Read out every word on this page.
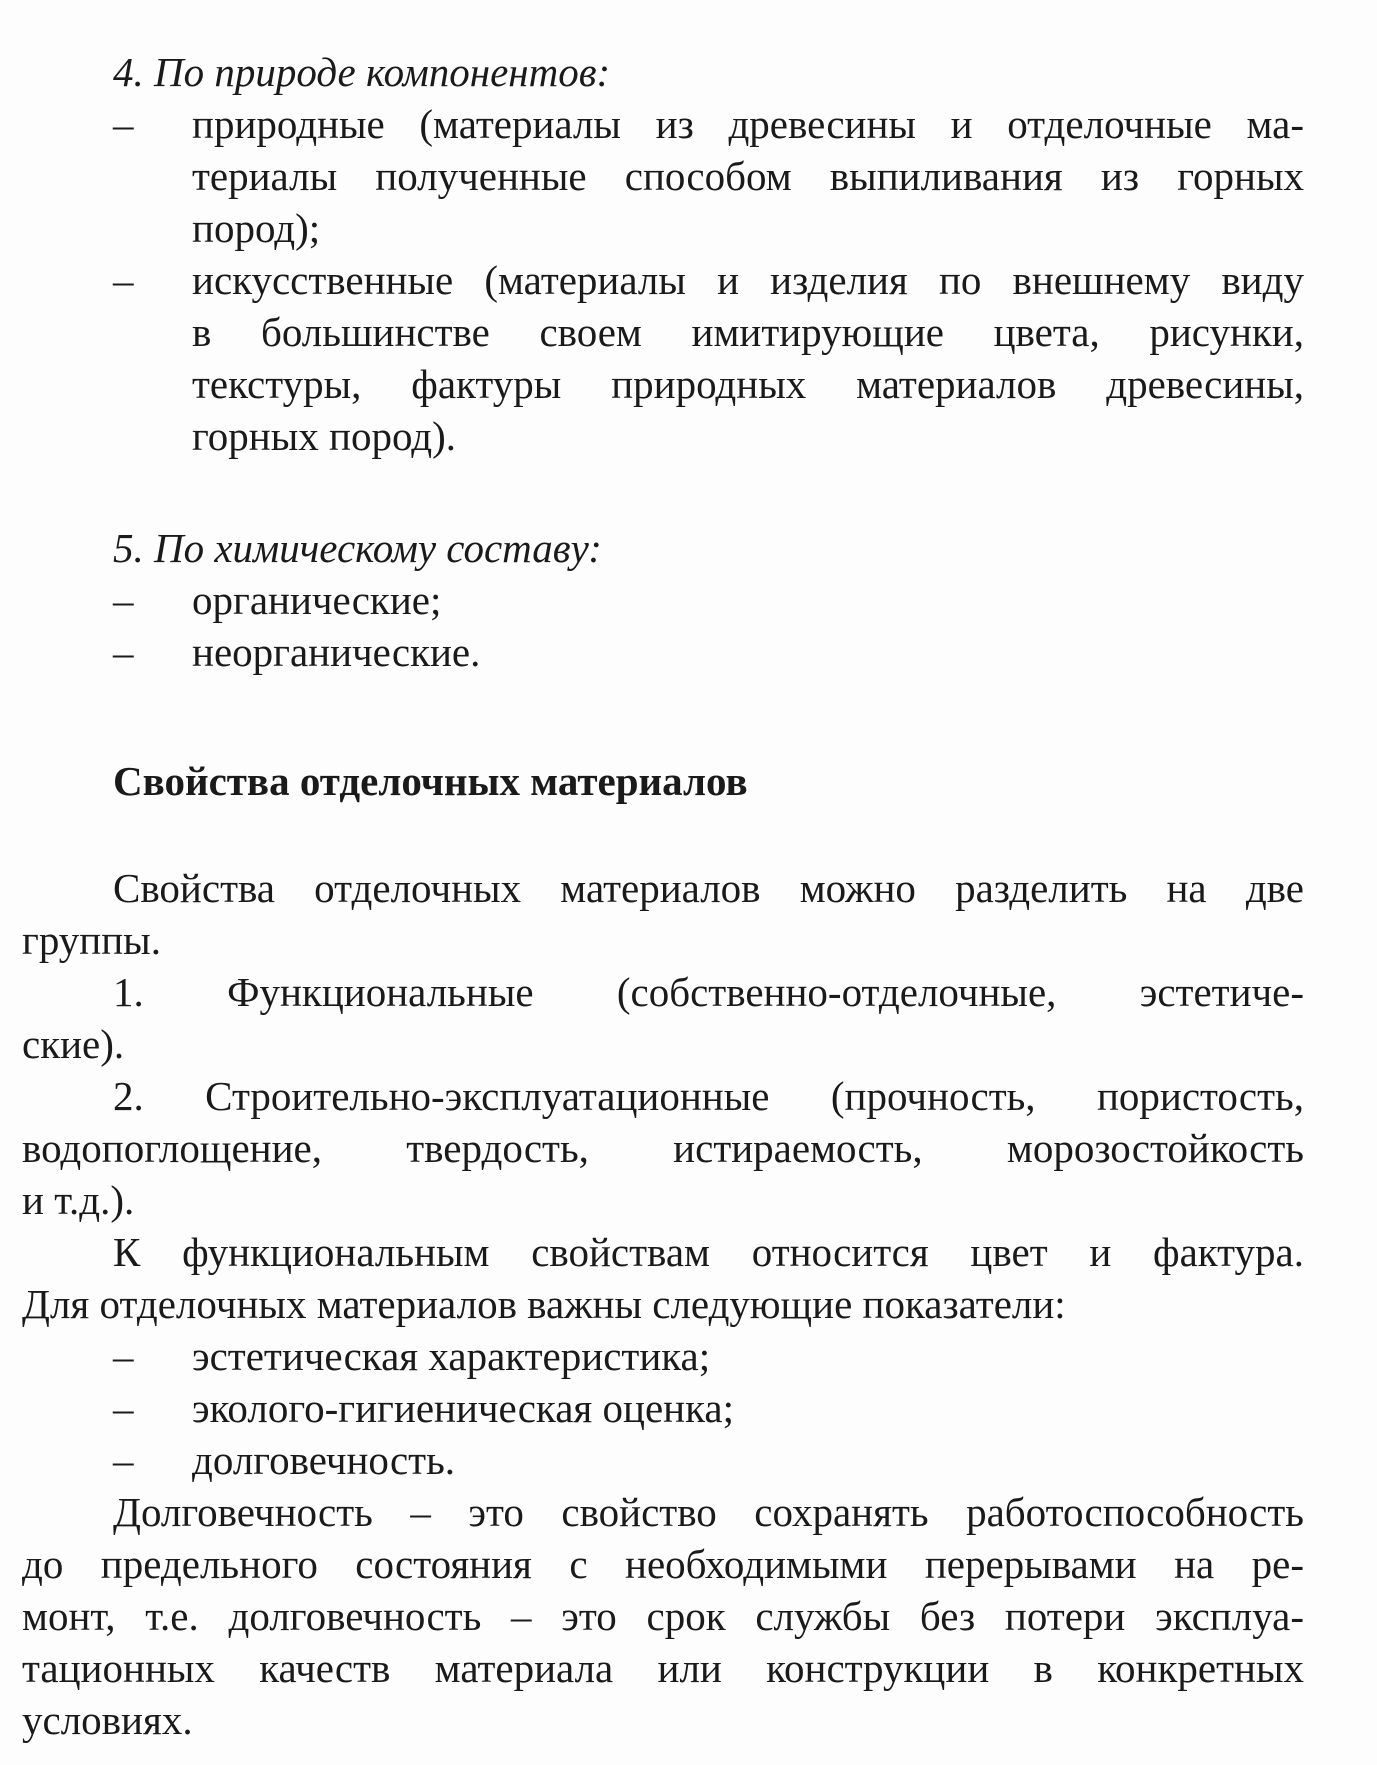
4. По природе компонентов:
– природные (материалы из древесины и отделочные ма-
териалы полученные способом выпиливания из горных
пород);
– искусственные (материалы и изделия по внешнему виду
в большинстве своем имитирующие цвета, рисунки,
текстуры, фактуры природных материалов древесины,
горных пород).
5. По химическому составу:
– органические;
– неорганические.
Свойства отделочных материалов
Свойства отделочных материалов можно разделить на две
группы.
1. Функциональные (собственно-отделочные, эстетиче-
ские).
2. Строительно-эксплуатационные (прочность, пористость,
водопоглощение, твердость, истираемость, морозостойкость
и т.д.).
К функциональным свойствам относится цвет и фактура.
Для отделочных материалов важны следующие показатели:
– эстетическая характеристика;
– эколого-гигиеническая оценка;
– долговечность.
Долговечность – это свойство сохранять работоспособность
до предельного состояния с необходимыми перерывами на ре-
монт, т.е. долговечность – это срок службы без потери эксплуа-
тационных качеств материала или конструкции в конкретных
условиях.
